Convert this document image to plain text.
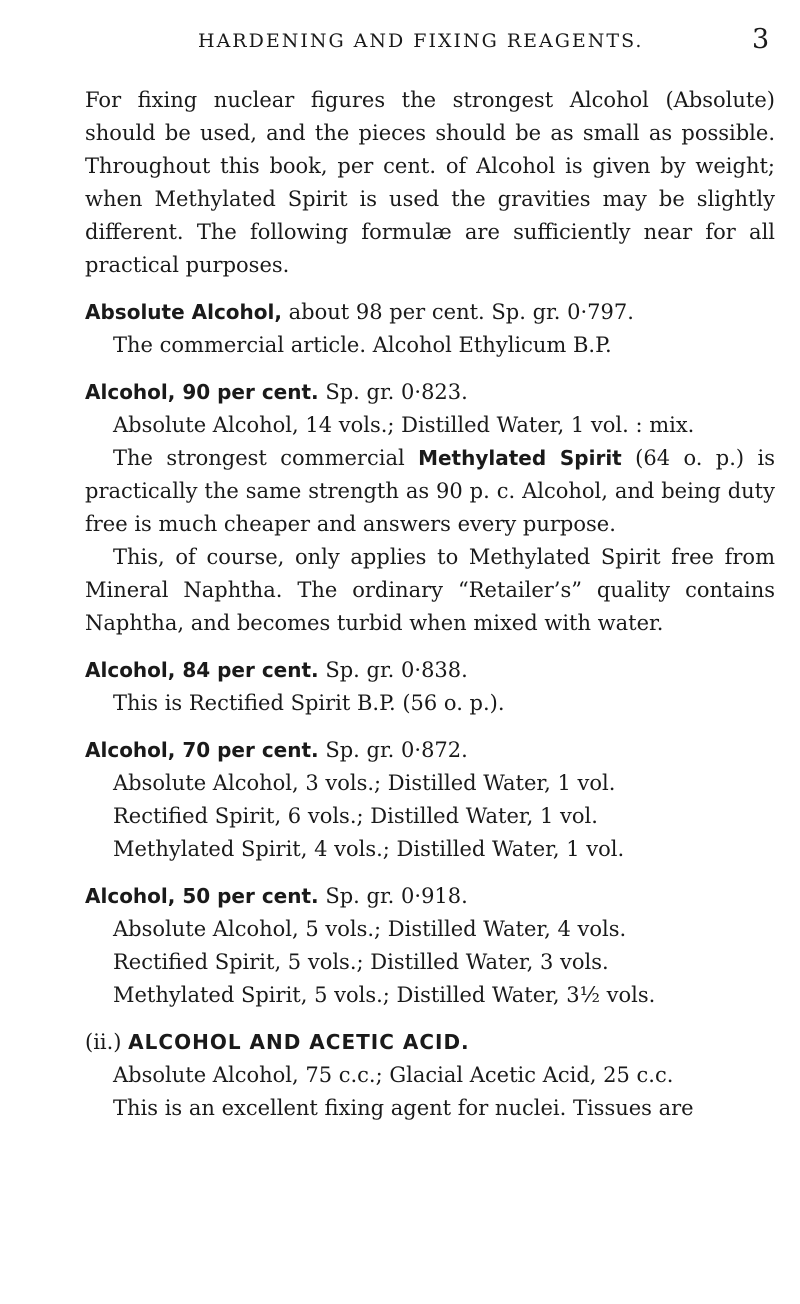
HARDENING AND FIXING REAGENTS.	3

For fixing nuclear figures the strongest Alcohol (Absolute) should be used, and the pieces should be as small as possible. Throughout this book, per cent. of Alcohol is given by weight; when Methylated Spirit is used the gravities may be slightly different. The following formulæ are sufficiently near for all practical purposes.

Absolute Alcohol, about 98 per cent. Sp. gr. 0·797.

The commercial article. Alcohol Ethylicum B.P.

Alcohol, 90 per cent. Sp. gr. 0·823.

Absolute Alcohol, 14 vols.; Distilled Water, 1 vol. : mix.

The strongest commercial Methylated Spirit (64 o. p.) is practically the same strength as 90 p. c. Alcohol, and being duty free is much cheaper and answers every purpose.

This, of course, only applies to Methylated Spirit free from Mineral Naphtha. The ordinary “Retailer’s” quality contains Naphtha, and becomes turbid when mixed with water.

Alcohol, 84 per cent. Sp. gr. 0·838.

This is Rectified Spirit B.P. (56 o. p.).

Alcohol, 70 per cent. Sp. gr. 0·872.

Absolute Alcohol, 3 vols.; Distilled Water, 1 vol.

Rectified Spirit, 6 vols.; Distilled Water, 1 vol.

Methylated Spirit, 4 vols.; Distilled Water, 1 vol.

Alcohol, 50 per cent. Sp. gr. 0·918.

Absolute Alcohol, 5 vols.; Distilled Water, 4 vols.

Rectified Spirit, 5 vols.; Distilled Water, 3 vols.

Methylated Spirit, 5 vols.; Distilled Water, 3½ vols.

(ii.) ALCOHOL AND ACETIC ACID.

Absolute Alcohol, 75 c.c.; Glacial Acetic Acid, 25 c.c.

This is an excellent fixing agent for nuclei. Tissues are
